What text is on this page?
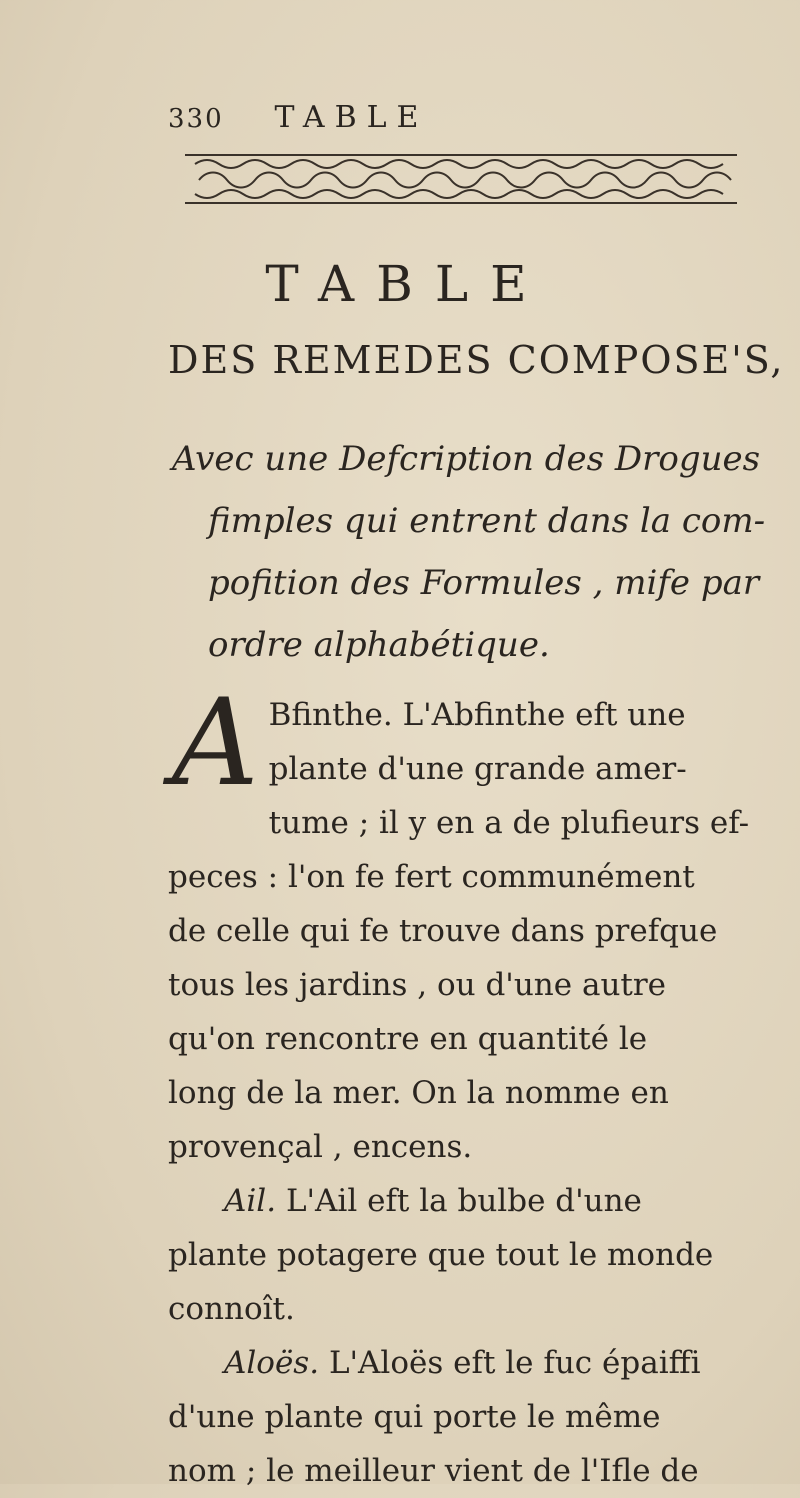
330 TABLE
TABLE
DES REMEDES COMPOSE'S,
Avec une Defcription des Drogues
fimples qui entrent dans la com-
pofition des Formules , mife par
ordre alphabétique.
A Bfinthe. L'Abfinthe eft une
plante d'une grande amer-
tume ; il y en a de plufieurs ef-
peces : l'on fe fert communément
de celle qui fe trouve dans prefque
tous les jardins , ou d'une autre
qu'on rencontre en quantité le
long de la mer. On la nomme en
provençal , encens.
Ail. L'Ail eft la bulbe d'une
plante potagere que tout le monde
connoît.
Aloës. L'Aloës eft le fuc épaiffi
d'une plante qui porte le même
nom ; le meilleur vient de l'Ifle de
